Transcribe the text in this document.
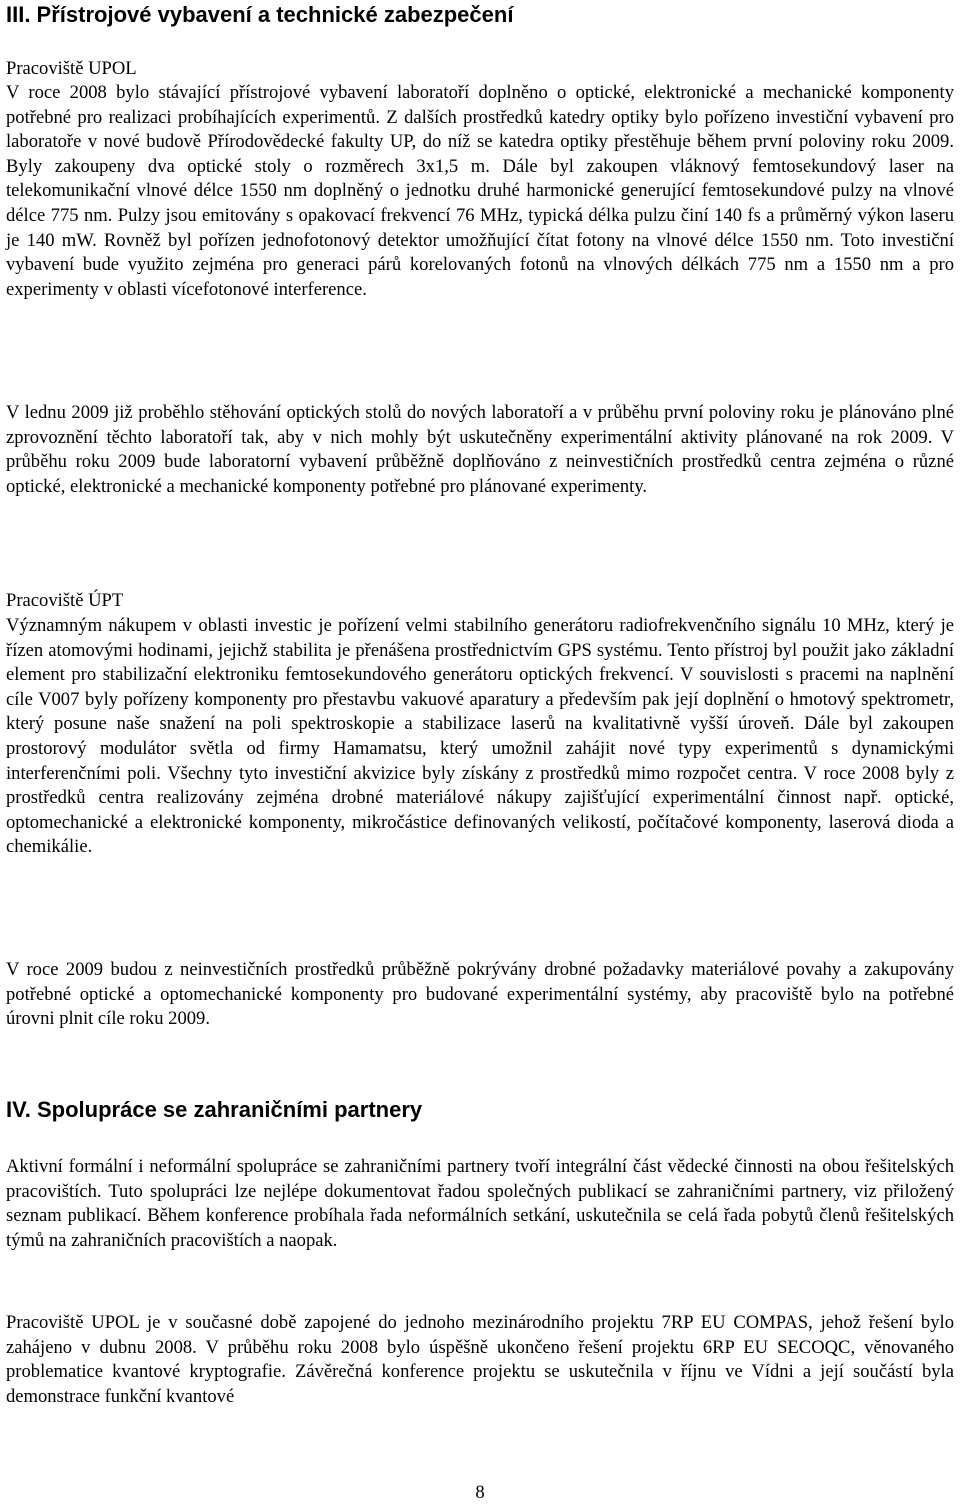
III. Přístrojové vybavení a technické zabezpečení

Pracoviště UPOL

V roce 2008 bylo stávající přístrojové vybavení laboratoří doplněno o optické, elektronické a mechanické komponenty potřebné pro realizaci probíhajících experimentů. Z dalších prostředků katedry optiky bylo pořízeno investiční vybavení pro laboratoře v nové budově Přírodovědecké fakulty UP, do níž se katedra optiky přestěhuje během první poloviny roku 2009. Byly zakoupeny dva optické stoly o rozměrech 3x1,5 m. Dále byl zakoupen vláknový femtosekundový laser na telekomunikační vlnové délce 1550 nm doplněný o jednotku druhé harmonické generující femtosekundové pulzy na vlnové délce 775 nm. Pulzy jsou emitovány s opakovací frekvencí 76 MHz, typická délka pulzu činí 140 fs a průměrný výkon laseru je 140 mW. Rovněž byl pořízen jednofotonový detektor umožňující čítat fotony na vlnové délce 1550 nm. Toto investiční vybavení bude využito zejména pro generaci párů korelovaných fotonů na vlnových délkách 775 nm a 1550 nm a pro experimenty v oblasti vícefotonové interference.

V lednu 2009 již proběhlo stěhování optických stolů do nových laboratoří a v průběhu první poloviny roku je plánováno plné zprovoznění těchto laboratoří tak, aby v nich mohly být uskutečněny experimentální aktivity plánované na rok 2009. V průběhu roku 2009 bude laboratorní vybavení průběžně doplňováno z neinvestičních prostředků centra zejména o různé optické, elektronické a mechanické komponenty potřebné pro plánované experimenty.

Pracoviště ÚPT

Významným nákupem v oblasti investic je pořízení velmi stabilního generátoru radiofrekvenčního signálu 10 MHz, který je řízen atomovými hodinami, jejichž stabilita je přenášena prostřednictvím GPS systému. Tento přístroj byl použit jako základní element pro stabilizační elektroniku femtosekundového generátoru optických frekvencí. V souvislosti s pracemi na naplnění cíle V007 byly pořízeny komponenty pro přestavbu vakuové aparatury a především pak její doplnění o hmotový spektrometr, který posune naše snažení na poli spektroskopie a stabilizace laserů na kvalitativně vyšší úroveň. Dále byl zakoupen prostorový modulátor světla od firmy Hamamatsu, který umožnil zahájit nové typy experimentů s dynamickými interferenčními poli. Všechny tyto investiční akvizice byly získány z prostředků mimo rozpočet centra. V roce 2008 byly z prostředků centra realizovány zejména drobné materiálové nákupy zajišťující experimentální činnost např. optické, optomechanické a elektronické komponenty, mikročástice definovaných velikostí, počítačové komponenty, laserová dioda a chemikálie.

V roce 2009 budou z neinvestičních prostředků průběžně pokrývány drobné požadavky materiálové povahy a zakupovány potřebné optické a optomechanické komponenty pro budované experimentální systémy, aby pracoviště bylo na potřebné úrovni plnit cíle roku 2009.

IV. Spolupráce se zahraničními partnery

Aktivní formální i neformální spolupráce se zahraničními partnery tvoří integrální část vědecké činnosti na obou řešitelských pracovištích. Tuto spolupráci lze nejlépe dokumentovat řadou společných publikací se zahraničními partnery, viz přiložený seznam publikací. Během konference probíhala řada neformálních setkání, uskutečnila se celá řada pobytů členů řešitelských týmů na zahraničních pracovištích a naopak.

Pracoviště UPOL je v současné době zapojené do jednoho mezinárodního projektu 7RP EU COMPAS, jehož řešení bylo zahájeno v dubnu 2008. V průběhu roku 2008 bylo úspěšně ukončeno řešení projektu 6RP EU SECOQC, věnovaného problematice kvantové kryptografie. Závěrečná konference projektu se uskutečnila v říjnu ve Vídni a její součástí byla demonstrace funkční kvantové

8
